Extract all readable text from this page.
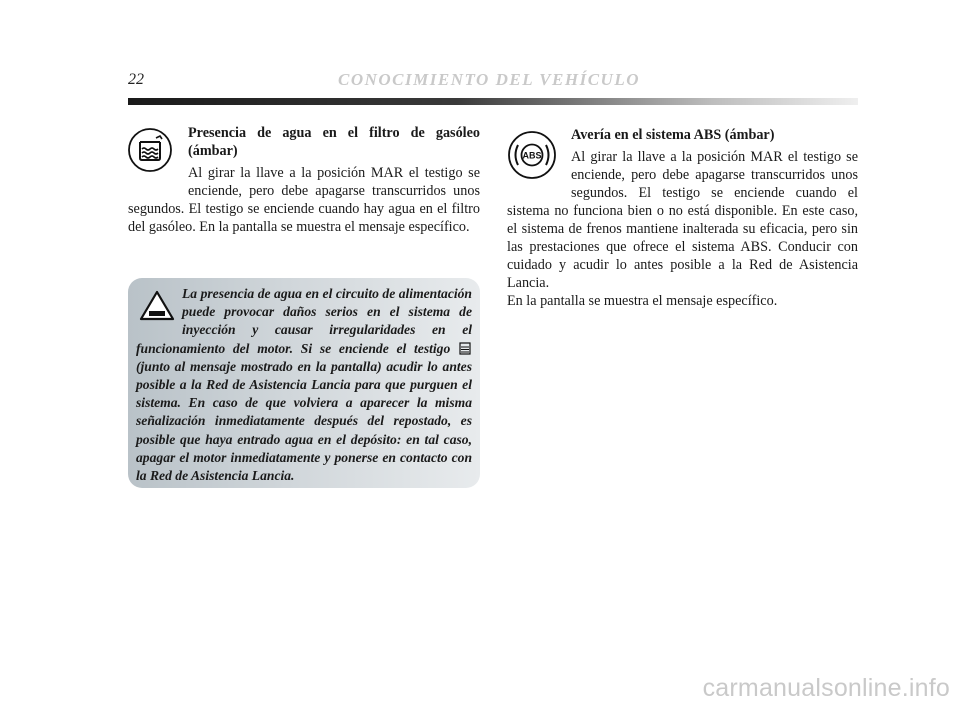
22	CONOCIMIENTO DEL VEHÍCULO

Presencia de agua en el filtro de gasóleo (ámbar)

Al girar la llave a la posición MAR el testigo se enciende, pero debe apagarse transcurridos unos segundos. El testigo se enciende cuando hay agua en el filtro del gasóleo. En la pantalla se muestra el mensaje específico.

La presencia de agua en el circuito de alimentación puede provocar daños serios en el sistema de inyección y causar irregularidades en el funcionamiento del motor. Si se enciende el testigo  (junto al mensaje mostrado en la pantalla) acudir lo antes posible a la Red de Asistencia Lancia para que purguen el sistema. En caso de que volviera a aparecer la misma señalización inmediatamente después del repostado, es posible que haya entrado agua en el depósito: en tal caso, apagar el motor inmediatamente y ponerse en contacto con la Red de Asistencia Lancia.

ABS

Avería en el sistema ABS (ámbar)

Al girar la llave a la posición MAR el testigo se enciende, pero debe apagarse transcurridos unos segundos. El testigo se enciende cuando el sistema no funciona bien o no está disponible. En este caso, el sistema de frenos mantiene inalterada su eficacia, pero sin las prestaciones que ofrece el sistema ABS. Conducir con cuidado y acudir lo antes posible a la Red de Asistencia Lancia.

En la pantalla se muestra el mensaje específico.

carmanualsonline.info
